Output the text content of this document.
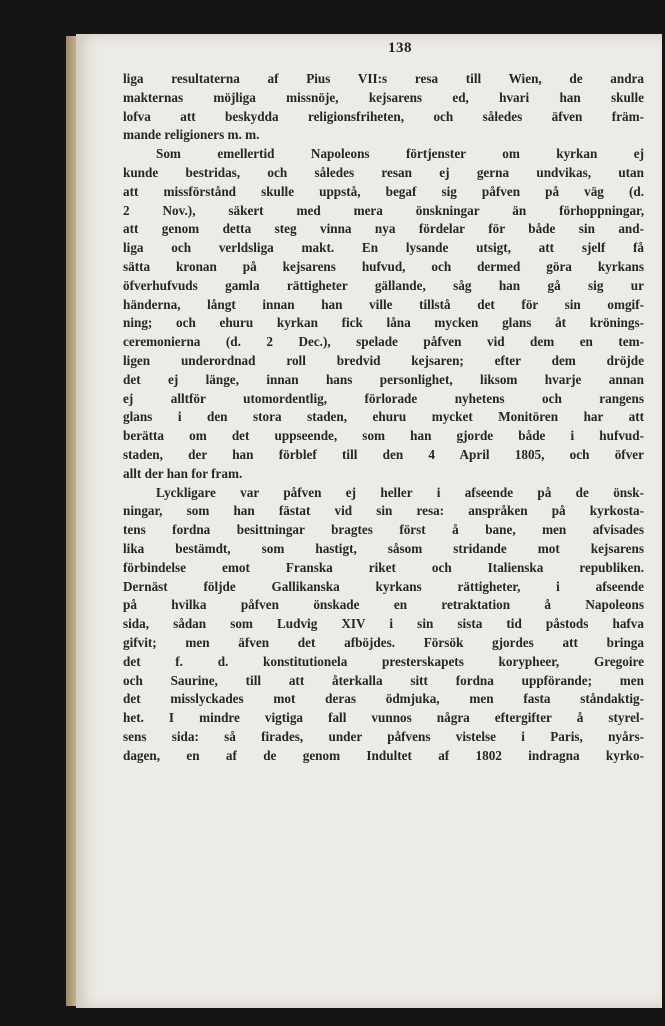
138
liga resultaterna af Pius VII:s resa till Wien, de andra
makternas möjliga missnöje, kejsarens ed, hvari han skulle
lofva att beskydda religionsfriheten, och således äfven främ-
mande religioners m. m.
Som emellertid Napoleons förtjenster om kyrkan ej
kunde bestridas, och således resan ej gerna undvikas, utan
att missförstånd skulle uppstå, begaf sig påfven på väg (d.
2 Nov.), säkert med mera önskningar än förhoppningar,
att genom detta steg vinna nya fördelar för både sin and-
liga och verldsliga makt. En lysande utsigt, att sjelf få
sätta kronan på kejsarens hufvud, och dermed göra kyrkans
öfverhufvuds gamla rättigheter gällande, såg han gå sig ur
händerna, långt innan han ville tillstå det för sin omgif-
ning; och ehuru kyrkan fick låna mycken glans åt krönings-
ceremonierna (d. 2 Dec.), spelade påfven vid dem en tem-
ligen underordnad roll bredvid kejsaren; efter dem dröjde
det ej länge, innan hans personlighet, liksom hvarje annan
ej alltför utomordentlig, förlorade nyhetens och rangens
glans i den stora staden, ehuru mycket Monitören har att
berätta om det uppseende, som han gjorde både i hufvud-
staden, der han förblef till den 4 April 1805, och öfver
allt der han for fram.
Lyckligare var påfven ej heller i afseende på de önsk-
ningar, som han fästat vid sin resa: anspråken på kyrkosta-
tens fordna besittningar bragtes först å bane, men afvisades
lika bestämdt, som hastigt, såsom stridande mot kejsarens
förbindelse emot Franska riket och Italienska republiken.
Dernäst följde Gallikanska kyrkans rättigheter, i afseende
på hvilka påfven önskade en retraktation å Napoleons
sida, sådan som Ludvig XIV i sin sista tid påstods hafva
gifvit; men äfven det afböjdes. Försök gjordes att bringa
det f. d. konstitutionela presterskapets korypheer, Gregoire
och Saurine, till att återkalla sitt fordna uppförande; men
det misslyckades mot deras ödmjuka, men fasta ståndaktig-
het. I mindre vigtiga fall vunnos några eftergifter å styrel-
sens sida: så firades, under påfvens vistelse i Paris, nyårs-
dagen, en af de genom Indultet af 1802 indragna kyrko-
